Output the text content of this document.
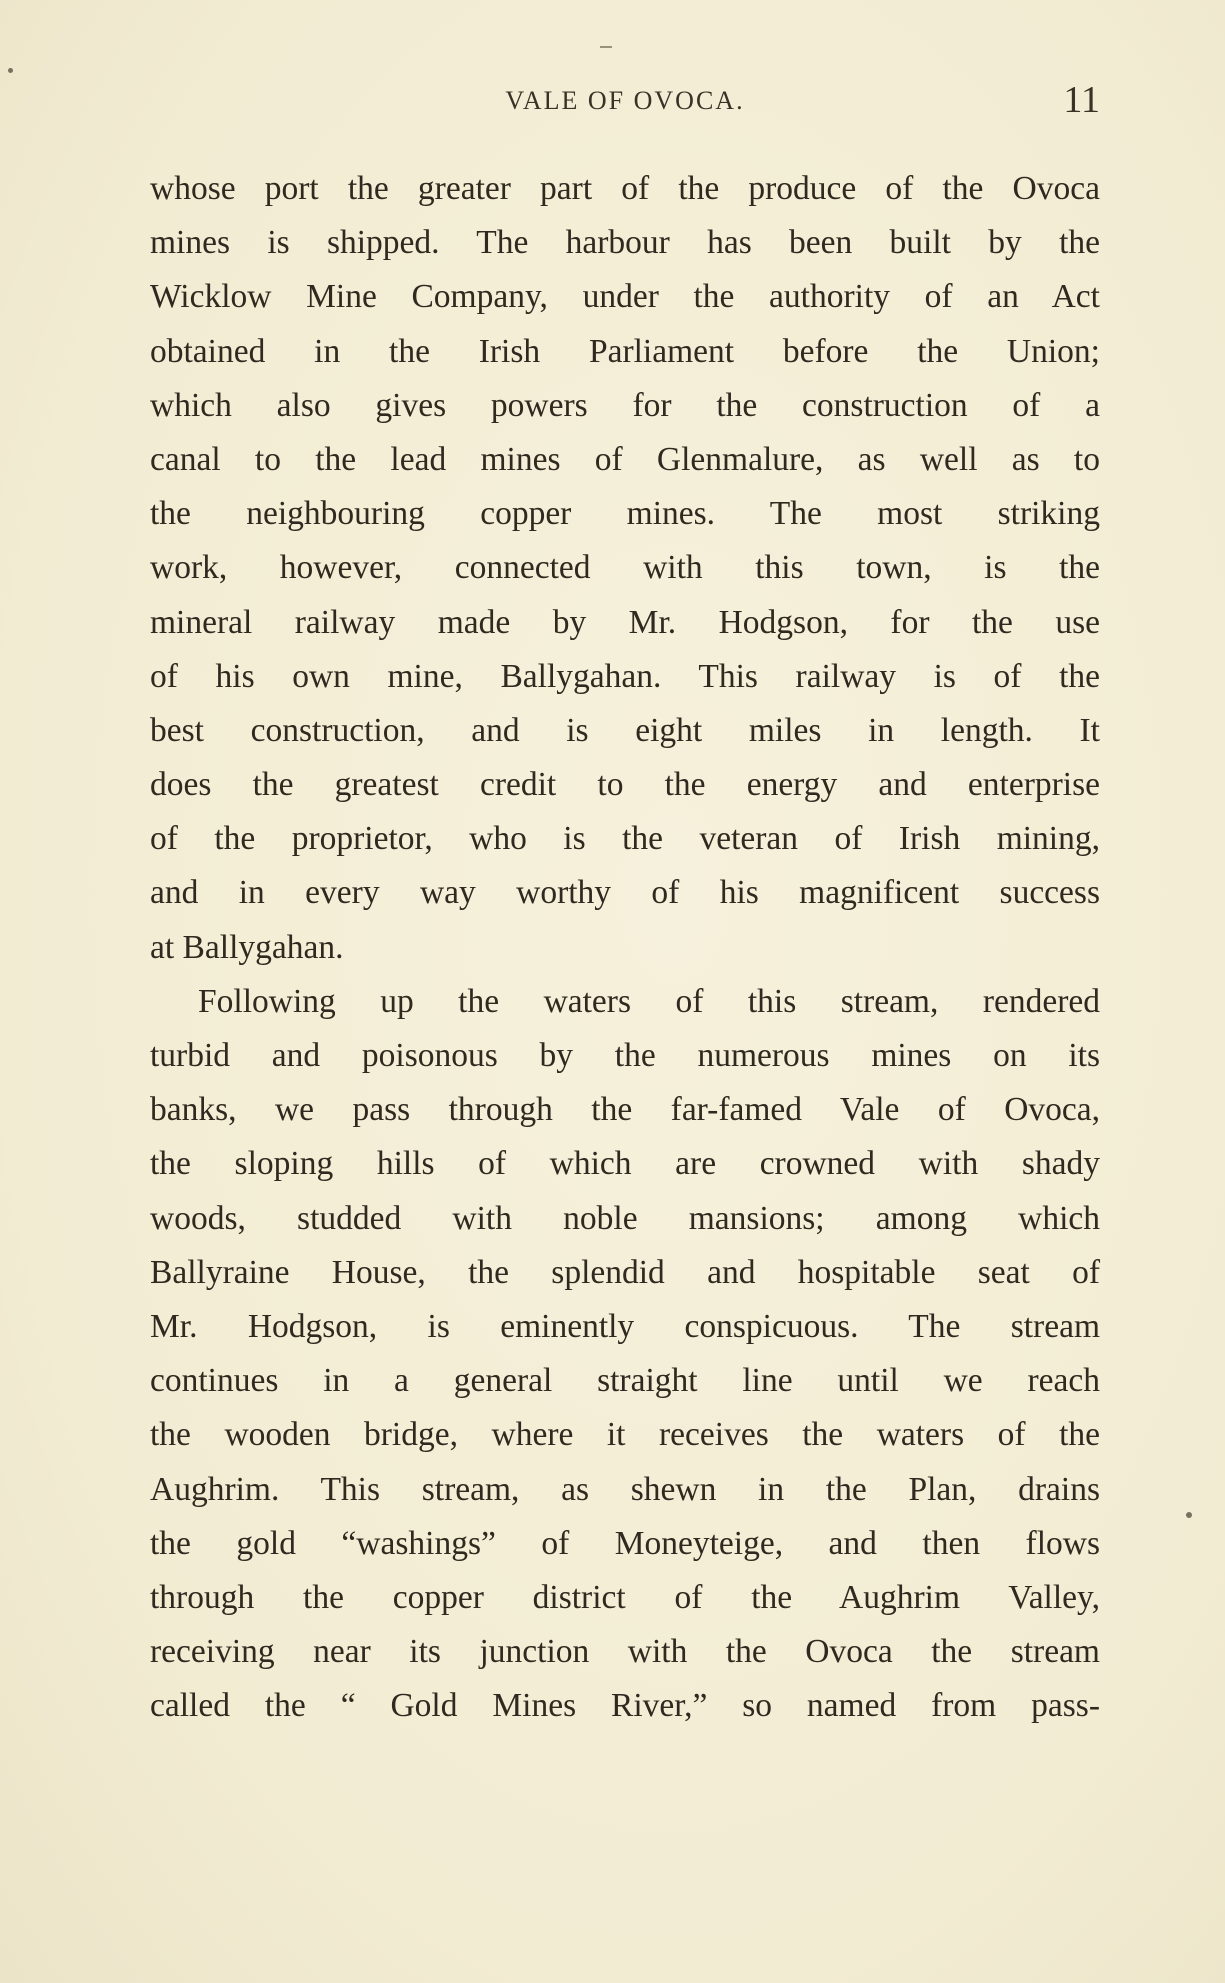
VALE OF OVOCA.	11
whose port the greater part of the produce of the Ovoca
mines is shipped. The harbour has been built by the
Wicklow Mine Company, under the authority of an Act
obtained in the Irish Parliament before the Union;
which also gives powers for the construction of a
canal to the lead mines of Glenmalure, as well as to
the neighbouring copper mines. The most striking
work, however, connected with this town, is the
mineral railway made by Mr. Hodgson, for the use
of his own mine, Ballygahan. This railway is of the
best construction, and is eight miles in length. It
does the greatest credit to the energy and enterprise
of the proprietor, who is the veteran of Irish mining,
and in every way worthy of his magnificent success
at Ballygahan.
Following up the waters of this stream, rendered
turbid and poisonous by the numerous mines on its
banks, we pass through the far-famed Vale of Ovoca,
the sloping hills of which are crowned with shady
woods, studded with noble mansions; among which
Ballyraine House, the splendid and hospitable seat of
Mr. Hodgson, is eminently conspicuous. The stream
continues in a general straight line until we reach
the wooden bridge, where it receives the waters of the
Aughrim. This stream, as shewn in the Plan, drains
the gold “washings” of Moneyteige, and then flows
through the copper district of the Aughrim Valley,
receiving near its junction with the Ovoca the stream
called the “ Gold Mines River,” so named from pass-
